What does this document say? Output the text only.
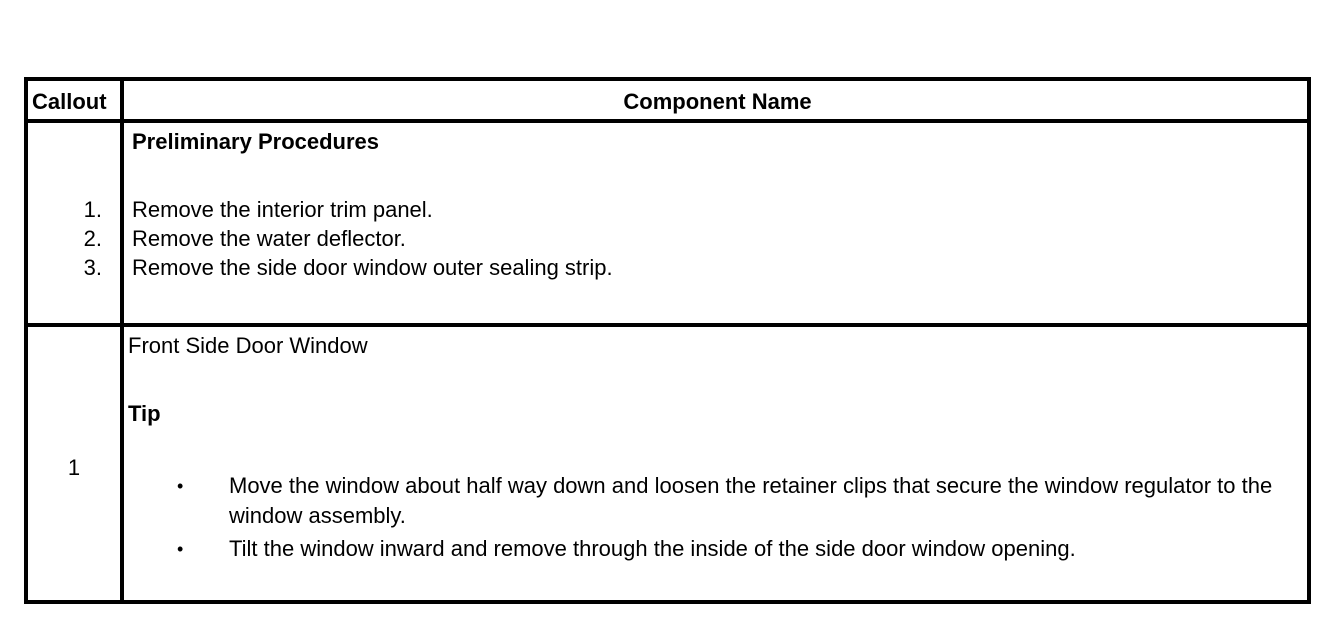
Callout	Component Name
Preliminary Procedures
1. Remove the interior trim panel.
2. Remove the water deflector.
3. Remove the side door window outer sealing strip.
1
Front Side Door Window
Tip
• Move the window about half way down and loosen the retainer clips that secure the window regulator to the window assembly.
• Tilt the window inward and remove through the inside of the side door window opening.
